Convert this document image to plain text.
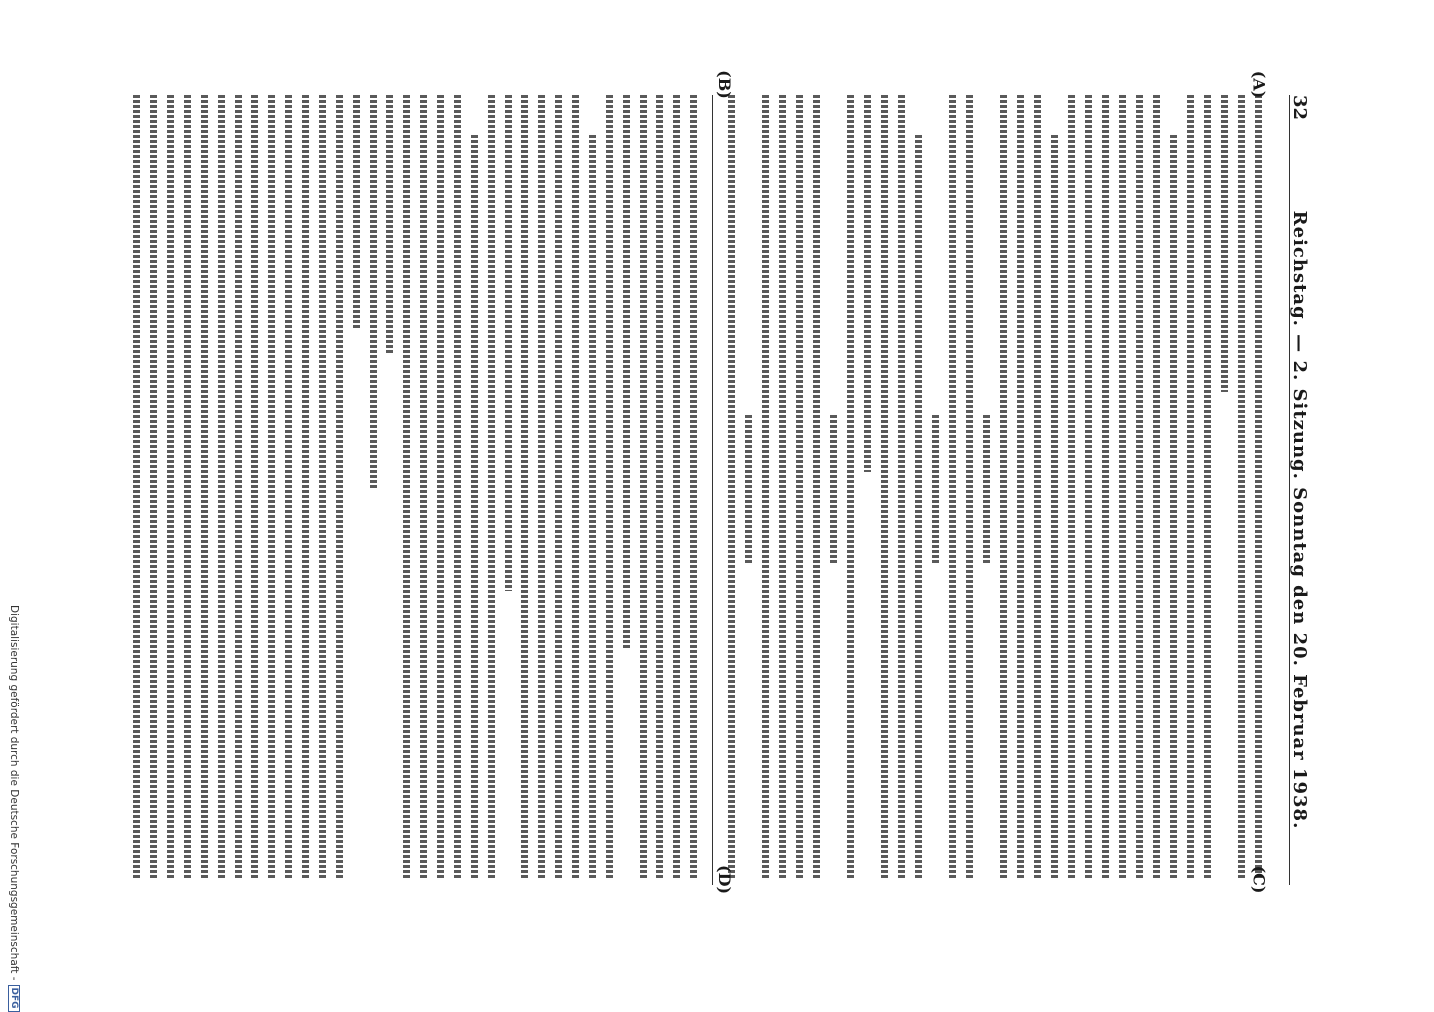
32
Reichstag. — 2. Sitzung. Sonntag den 20. Februar 1938.
(A)
(B)
(C)
(D)
Digitalisierung gefördert durch die Deutsche Forschungsgemeinschaft -
DFG
